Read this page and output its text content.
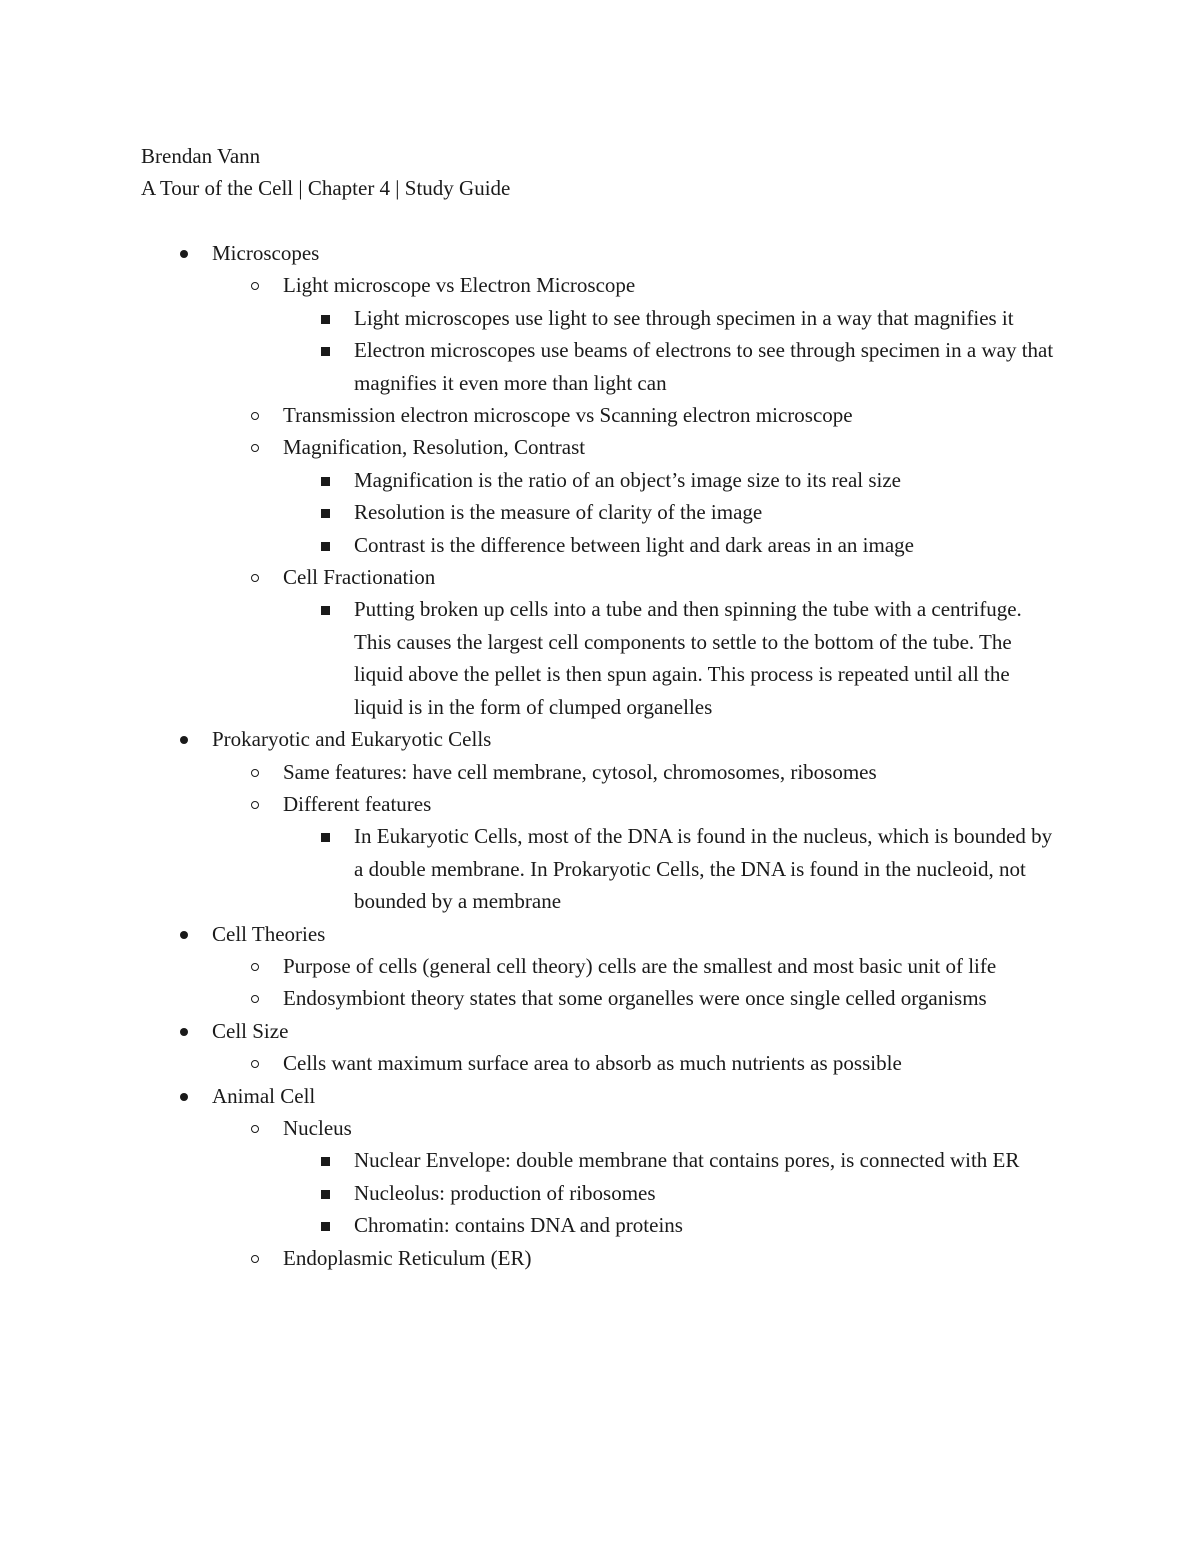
Brendan Vann
A Tour of the Cell | Chapter 4 | Study Guide
Microscopes
Light microscope vs Electron Microscope
Light microscopes use light to see through specimen in a way that magnifies it
Electron microscopes use beams of electrons to see through specimen in a way that magnifies it even more than light can
Transmission electron microscope vs Scanning electron microscope
Magnification, Resolution, Contrast
Magnification is the ratio of an object’s image size to its real size
Resolution is the measure of clarity of the image
Contrast is the difference between light and dark areas in an image
Cell Fractionation
Putting broken up cells into a tube and then spinning the tube with a centrifuge. This causes the largest cell components to settle to the bottom of the tube. The liquid above the pellet is then spun again. This process is repeated until all the liquid is in the form of clumped organelles
Prokaryotic and Eukaryotic Cells
Same features: have cell membrane, cytosol, chromosomes, ribosomes
Different features
In Eukaryotic Cells, most of the DNA is found in the nucleus, which is bounded by a double membrane. In Prokaryotic Cells, the DNA is found in the nucleoid, not bounded by a membrane
Cell Theories
Purpose of cells (general cell theory) cells are the smallest and most basic unit of life
Endosymbiont theory states that some organelles were once single celled organisms
Cell Size
Cells want maximum surface area to absorb as much nutrients as possible
Animal Cell
Nucleus
Nuclear Envelope: double membrane that contains pores, is connected with ER
Nucleolus: production of ribosomes
Chromatin: contains DNA and proteins
Endoplasmic Reticulum (ER)
